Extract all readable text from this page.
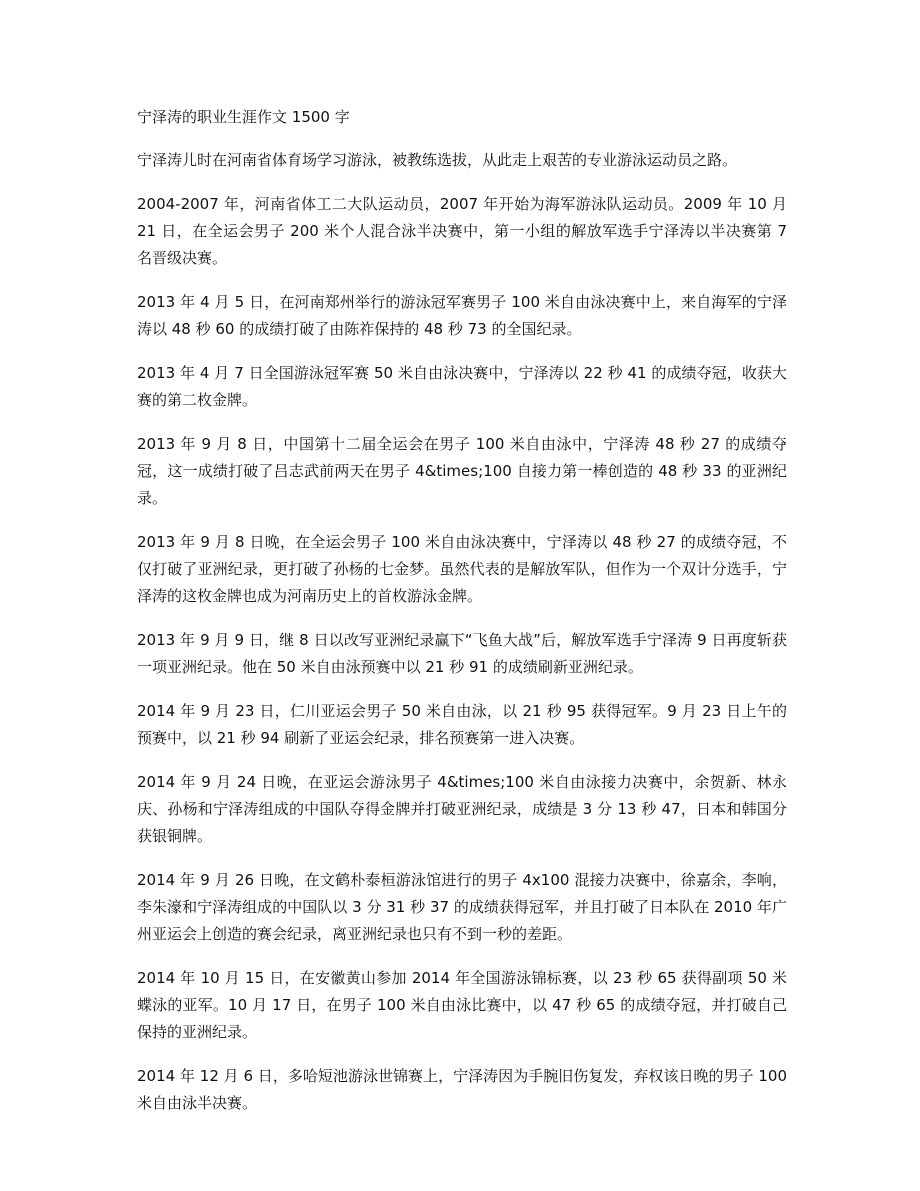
宁泽涛的职业生涯作文 1500 字

宁泽涛儿时在河南省体育场学习游泳，被教练选拔，从此走上艰苦的专业游泳运动员之路。

2004-2007 年，河南省体工二大队运动员，2007 年开始为海军游泳队运动员。2009 年 10 月 21 日，在全运会男子 200 米个人混合泳半决赛中，第一小组的解放军选手宁泽涛以半决赛第 7 名晋级决赛。

2013 年 4 月 5 日，在河南郑州举行的游泳冠军赛男子 100 米自由泳决赛中上，来自海军的宁泽涛以 48 秒 60 的成绩打破了由陈祚保持的 48 秒 73 的全国纪录。

2013 年 4 月 7 日全国游泳冠军赛 50 米自由泳决赛中，宁泽涛以 22 秒 41 的成绩夺冠，收获大赛的第二枚金牌。

2013 年 9 月 8 日，中国第十二届全运会在男子 100 米自由泳中，宁泽涛 48 秒 27 的成绩夺冠，这一成绩打破了吕志武前两天在男子 4&times;100 自接力第一棒创造的 48 秒 33 的亚洲纪录。

2013 年 9 月 8 日晚，在全运会男子 100 米自由泳决赛中，宁泽涛以 48 秒 27 的成绩夺冠，不仅打破了亚洲纪录，更打破了孙杨的七金梦。虽然代表的是解放军队，但作为一个双计分选手，宁泽涛的这枚金牌也成为河南历史上的首枚游泳金牌。

2013 年 9 月 9 日，继 8 日以改写亚洲纪录赢下“飞鱼大战”后，解放军选手宁泽涛 9 日再度斩获一项亚洲纪录。他在 50 米自由泳预赛中以 21 秒 91 的成绩刷新亚洲纪录。

2014 年 9 月 23 日，仁川亚运会男子 50 米自由泳，以 21 秒 95 获得冠军。9 月 23 日上午的预赛中，以 21 秒 94 刷新了亚运会纪录，排名预赛第一进入决赛。

2014 年 9 月 24 日晚，在亚运会游泳男子 4&times;100 米自由泳接力决赛中，余贺新、林永庆、孙杨和宁泽涛组成的中国队夺得金牌并打破亚洲纪录，成绩是 3 分 13 秒 47，日本和韩国分获银铜牌。

2014 年 9 月 26 日晚，在文鹤朴泰桓游泳馆进行的男子 4x100 混接力决赛中，徐嘉余，李响，李朱濠和宁泽涛组成的中国队以 3 分 31 秒 37 的成绩获得冠军，并且打破了日本队在 2010 年广州亚运会上创造的赛会纪录，离亚洲纪录也只有不到一秒的差距。

2014 年 10 月 15 日，在安徽黄山参加 2014 年全国游泳锦标赛，以 23 秒 65 获得副项 50 米蝶泳的亚军。10 月 17 日，在男子 100 米自由泳比赛中，以 47 秒 65 的成绩夺冠，并打破自己保持的亚洲纪录。

2014 年 12 月 6 日，多哈短池游泳世锦赛上，宁泽涛因为手腕旧伤复发，弃权该日晚的男子 100 米自由泳半决赛。
